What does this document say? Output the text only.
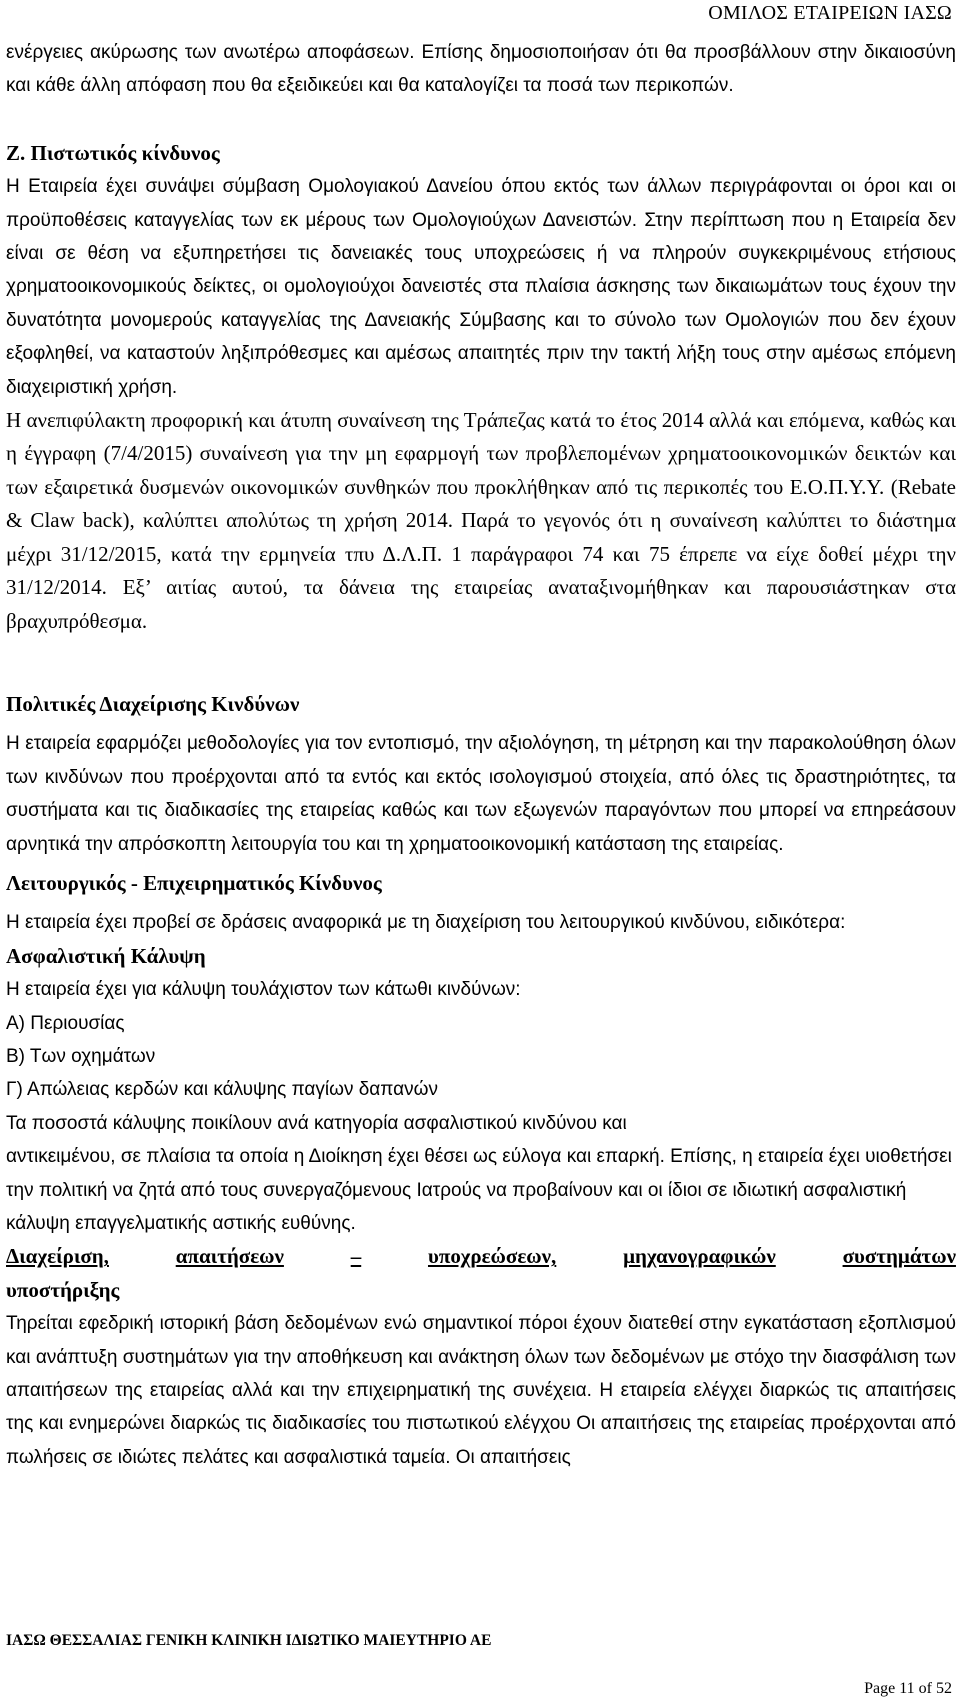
ΟΜΙΛΟΣ ΕΤΑΙΡΕΙΩΝ ΙΑΣΩ

ενέργειες ακύρωσης των ανωτέρω αποφάσεων. Επίσης δημοσιοποιήσαν ότι θα προσβάλλουν στην δικαιοσύνη και κάθε άλλη απόφαση που θα εξειδικεύει και θα καταλογίζει τα ποσά των περικοπών.

Ζ. Πιστωτικός κίνδυνος

Η Εταιρεία έχει συνάψει σύμβαση Ομολογιακού Δανείου όπου εκτός των άλλων περιγράφονται οι όροι και οι προϋποθέσεις καταγγελίας των εκ μέρους των Ομολογιούχων Δανειστών. Στην περίπτωση που η Εταιρεία δεν είναι σε θέση να εξυπηρετήσει τις δανειακές τους υποχρεώσεις ή να πληρούν συγκεκριμένους ετήσιους χρηματοοικονομικούς δείκτες, οι ομολογιούχοι δανειστές στα πλαίσια άσκησης των δικαιωμάτων τους έχουν την δυνατότητα μονομερούς καταγγελίας της Δανειακής Σύμβασης και το σύνολο των Ομολογιών που δεν έχουν εξοφληθεί, να καταστούν ληξιπρόθεσμες και αμέσως απαιτητές πριν την τακτή λήξη τους στην αμέσως επόμενη διαχειριστική χρήση.

Η ανεπιφύλακτη προφορική και άτυπη συναίνεση της Τράπεζας κατά το έτος 2014 αλλά και επόμενα, καθώς και η έγγραφη (7/4/2015) συναίνεση για την μη εφαρμογή των προβλεπομένων χρηματοοικονομικών δεικτών και των εξαιρετικά δυσμενών οικονομικών συνθηκών που προκλήθηκαν από τις περικοπές του Ε.Ο.Π.Υ.Υ. (Rebate & Claw back), καλύπτει απολύτως τη χρήση 2014. Παρά το γεγονός ότι η συναίνεση καλύπτει το διάστημα μέχρι 31/12/2015, κατά την ερμηνεία τπυ Δ.Λ.Π. 1 παράγραφοι 74 και 75 έπρεπε να είχε δοθεί μέχρι την 31/12/2014. Εξ’ αιτίας αυτού, τα δάνεια της εταιρείας αναταξινομήθηκαν και παρουσιάστηκαν στα βραχυπρόθεσμα.

Πολιτικές Διαχείρισης Κινδύνων

Η εταιρεία εφαρμόζει μεθοδολογίες για τον εντοπισμό, την αξιολόγηση, τη μέτρηση και την παρακολούθηση όλων των κινδύνων που προέρχονται από τα εντός και εκτός ισολογισμού στοιχεία, από όλες τις δραστηριότητες, τα συστήματα και τις διαδικασίες της εταιρείας καθώς και των εξωγενών παραγόντων που μπορεί να επηρεάσουν αρνητικά την απρόσκοπτη λειτουργία του και τη χρηματοοικονομική κατάσταση της εταιρείας.

Λειτουργικός - Επιχειρηματικός Κίνδυνος

Η εταιρεία έχει προβεί σε δράσεις αναφορικά με τη διαχείριση του λειτουργικού κινδύνου, ειδικότερα:

Ασφαλιστική Κάλυψη
Η εταιρεία έχει για κάλυψη τουλάχιστον των κάτωθι κινδύνων:
Α) Περιουσίας
Β) Των οχημάτων
Γ) Απώλειας κερδών και κάλυψης παγίων δαπανών
Τα ποσοστά κάλυψης ποικίλουν ανά κατηγορία ασφαλιστικού κινδύνου και

αντικειμένου, σε πλαίσια τα οποία η Διοίκηση έχει θέσει ως εύλογα και επαρκή. Επίσης, η εταιρεία έχει υιοθετήσει την πολιτική να ζητά από τους συνεργαζόμενους Ιατρούς να προβαίνουν και οι ίδιοι σε ιδιωτική ασφαλιστική κάλυψη επαγγελματικής αστικής ευθύνης.

Διαχείριση,	απαιτήσεων	–	υποχρεώσεων,	μηχανογραφικών	συστημάτων
υποστήριξης

Τηρείται εφεδρική ιστορική βάση δεδομένων ενώ σημαντικοί πόροι έχουν διατεθεί στην εγκατάσταση εξοπλισμού και ανάπτυξη συστημάτων για την αποθήκευση και ανάκτηση όλων των δεδομένων με στόχο την διασφάλιση των απαιτήσεων της εταιρείας αλλά και την επιχειρηματική της συνέχεια. Η εταιρεία ελέγχει διαρκώς τις απαιτήσεις της και ενημερώνει διαρκώς τις διαδικασίες του πιστωτικού ελέγχου Οι απαιτήσεις της εταιρείας προέρχονται από πωλήσεις σε ιδιώτες πελάτες και ασφαλιστικά ταμεία. Οι απαιτήσεις

ΙΑΣΩ ΘΕΣΣΑΛΙΑΣ ΓΕΝΙΚΗ ΚΛΙΝΙΚΗ ΙΔΙΩΤΙΚΟ ΜΑΙΕΥΤΗΡΙΟ ΑΕ
Page 11 of 52
